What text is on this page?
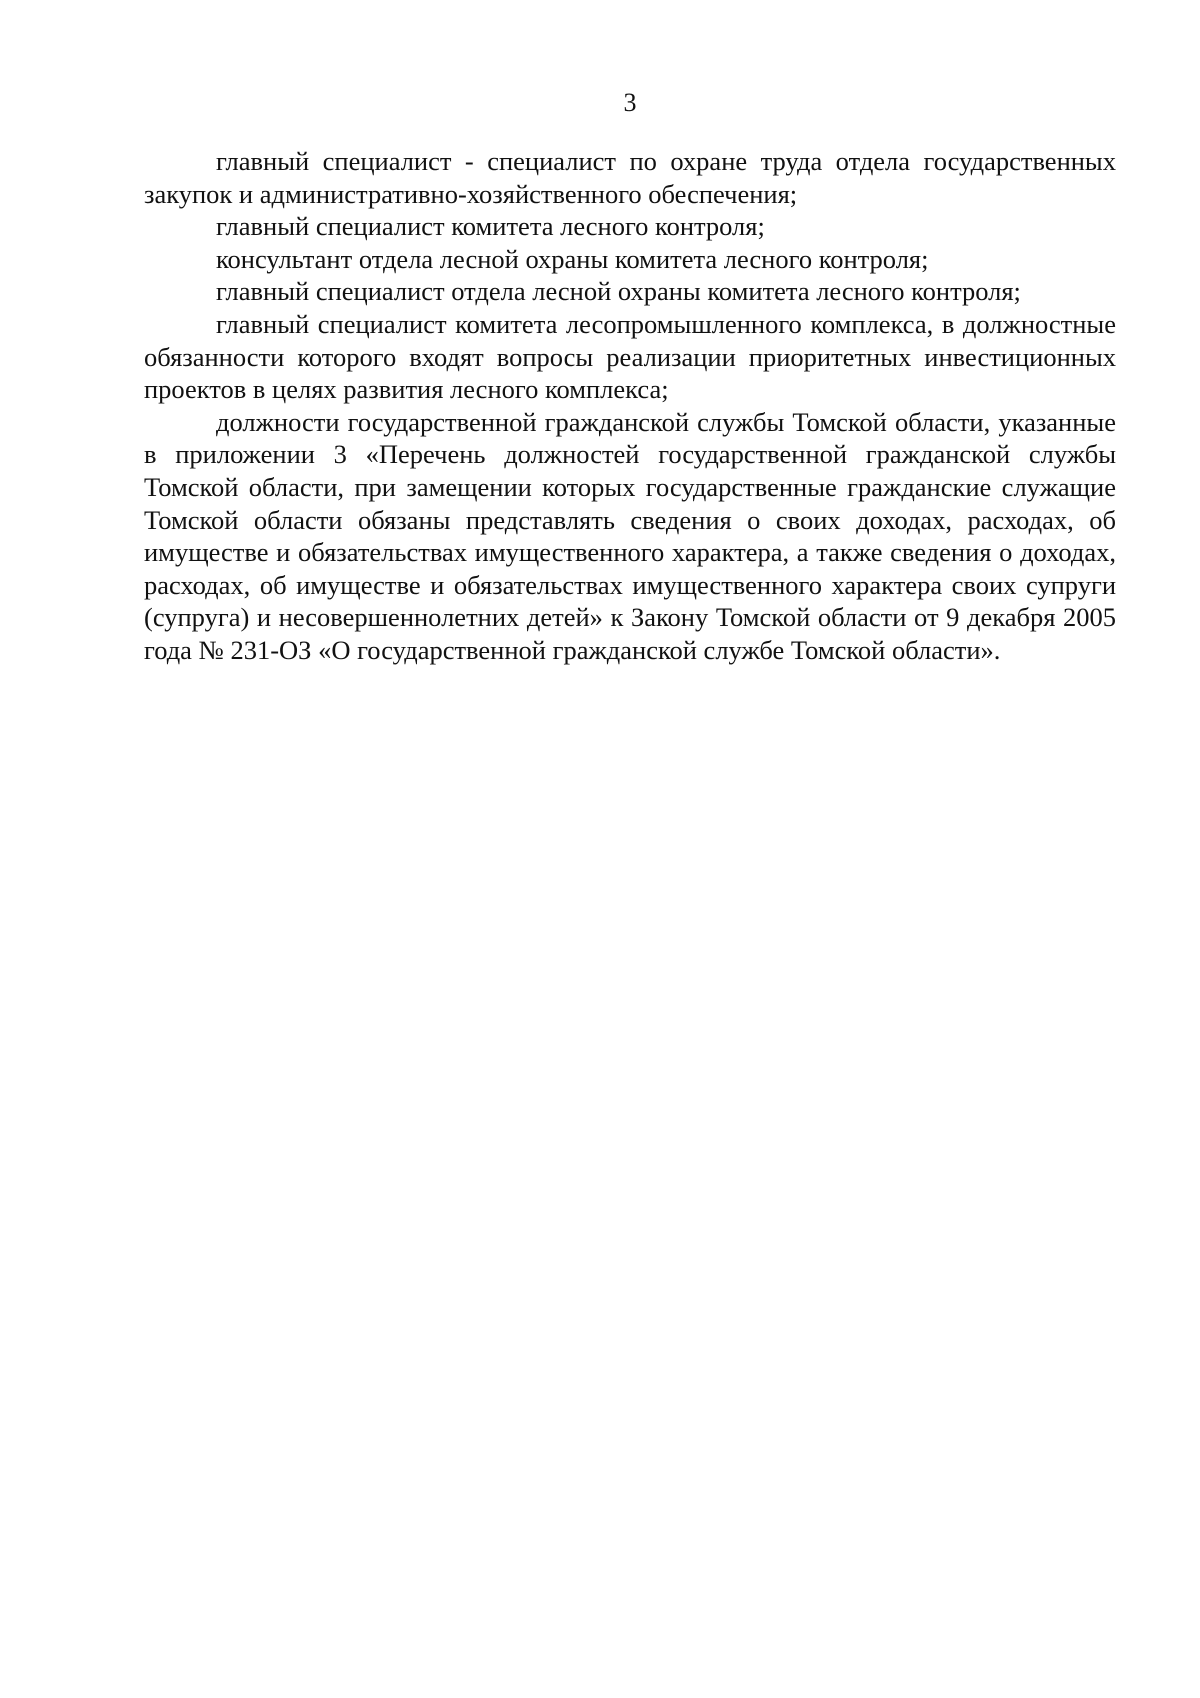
3

главный специалист - специалист по охране труда отдела государственных закупок и административно-хозяйственного обеспечения;

главный специалист комитета лесного контроля;

консультант отдела лесной охраны комитета лесного контроля;

главный специалист отдела лесной охраны комитета лесного контроля;

главный специалист комитета лесопромышленного комплекса, в должностные обязанности которого входят вопросы реализации приоритетных инвестиционных проектов в целях развития лесного комплекса;

должности государственной гражданской службы Томской области, указанные в приложении 3 «Перечень должностей государственной гражданской службы Томской области, при замещении которых государственные гражданские служащие Томской области обязаны представлять сведения о своих доходах, расходах, об имуществе и обязательствах имущественного характера, а также сведения о доходах, расходах, об имуществе и обязательствах имущественного характера своих супруги (супруга) и несовершеннолетних детей» к Закону Томской области от 9 декабря 2005 года № 231-ОЗ «О государственной гражданской службе Томской области».
